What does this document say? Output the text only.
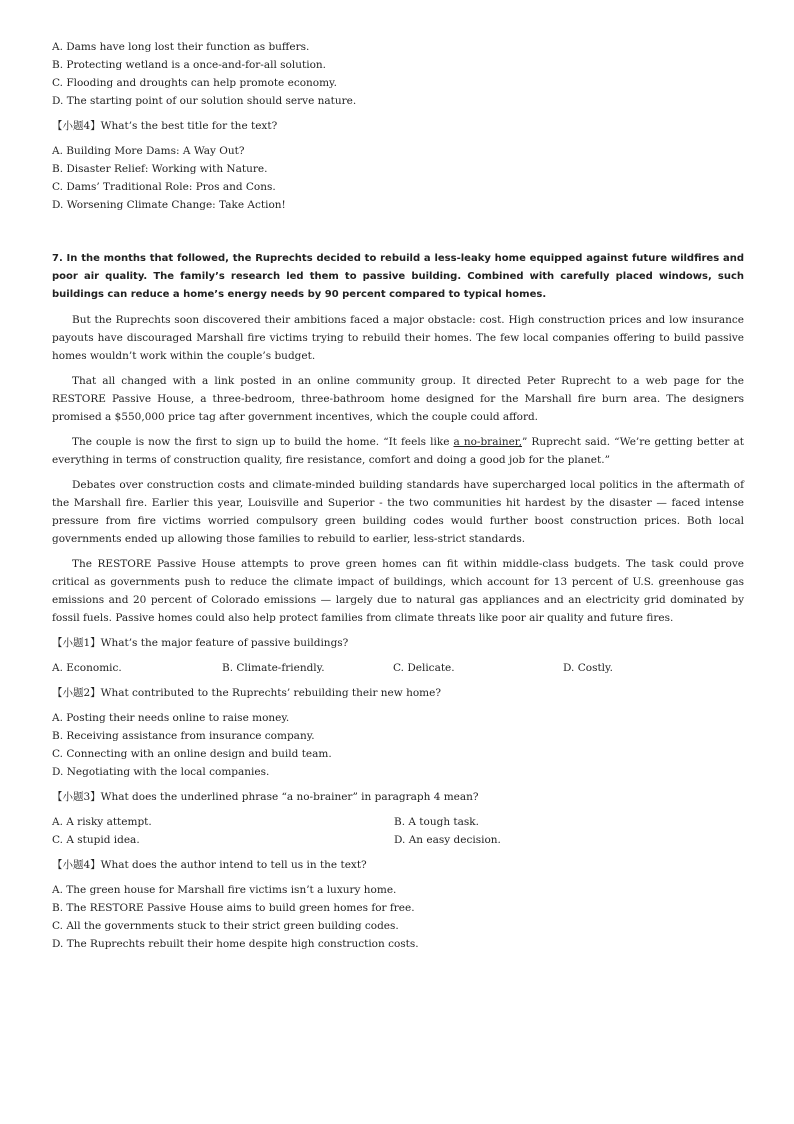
A. Dams have long lost their function as buffers.

B. Protecting wetland is a once-and-for-all solution.

C. Flooding and droughts can help promote economy.

D. The starting point of our solution should serve nature.

【小题4】What’s the best title for the text?

A. Building More Dams: A Way Out?

B. Disaster Relief: Working with Nature.

C. Dams’ Traditional Role: Pros and Cons.

D. Worsening Climate Change: Take Action!

7. In the months that followed, the Ruprechts decided to rebuild a less-leaky home equipped against future wildfires and poor air quality. The family’s research led them to passive building. Combined with carefully placed windows, such buildings can reduce a home’s energy needs by 90 percent compared to typical homes.

But the Ruprechts soon discovered their ambitions faced a major obstacle: cost. High construction prices and low insurance payouts have discouraged Marshall fire victims trying to rebuild their homes. The few local companies offering to build passive homes wouldn’t work within the couple’s budget.

That all changed with a link posted in an online community group. It directed Peter Ruprecht to a web page for the RESTORE Passive House, a three-bedroom, three-bathroom home designed for the Marshall fire burn area. The designers promised a $550,000 price tag after government incentives, which the couple could afford.

The couple is now the first to sign up to build the home. “It feels like a no-brainer,” Ruprecht said. “We’re getting better at everything in terms of construction quality, fire resistance, comfort and doing a good job for the planet.”

Debates over construction costs and climate-minded building standards have supercharged local politics in the aftermath of the Marshall fire. Earlier this year, Louisville and Superior - the two communities hit hardest by the disaster — faced intense pressure from fire victims worried compulsory green building codes would further boost construction prices. Both local governments ended up allowing those families to rebuild to earlier, less-strict standards.

The RESTORE Passive House attempts to prove green homes can fit within middle-class budgets. The task could prove critical as governments push to reduce the climate impact of buildings, which account for 13 percent of U.S. greenhouse gas emissions and 20 percent of Colorado emissions — largely due to natural gas appliances and an electricity grid dominated by fossil fuels. Passive homes could also help protect families from climate threats like poor air quality and future fires.

【小题1】What’s the major feature of passive buildings?

A. Economic.	B. Climate-friendly.	C. Delicate.	D. Costly.

【小题2】What contributed to the Ruprechts’ rebuilding their new home?

A. Posting their needs online to raise money.

B. Receiving assistance from insurance company.

C. Connecting with an online design and build team.

D. Negotiating with the local companies.

【小题3】What does the underlined phrase “a no-brainer” in paragraph 4 mean?

A. A risky attempt.	B. A tough task.
C. A stupid idea.	D. An easy decision.

【小题4】What does the author intend to tell us in the text?

A. The green house for Marshall fire victims isn’t a luxury home.

B. The RESTORE Passive House aims to build green homes for free.

C. All the governments stuck to their strict green building codes.

D. The Ruprechts rebuilt their home despite high construction costs.
